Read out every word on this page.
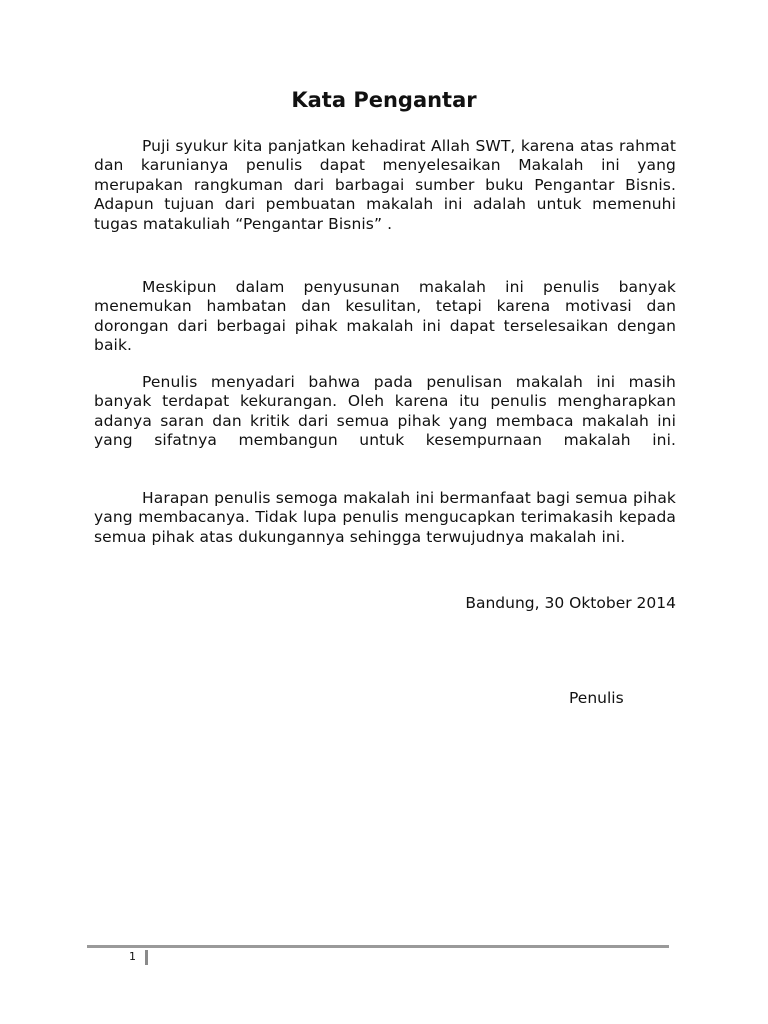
Kata Pengantar

Puji syukur kita panjatkan kehadirat Allah SWT, karena atas rahmat dan karunianya penulis dapat menyelesaikan Makalah ini yang merupakan rangkuman dari barbagai sumber buku Pengantar Bisnis. Adapun tujuan dari pembuatan makalah ini adalah untuk memenuhi tugas matakuliah “Pengantar Bisnis” .

Meskipun dalam penyusunan makalah ini penulis banyak menemukan hambatan dan kesulitan, tetapi karena motivasi dan dorongan dari berbagai pihak makalah ini dapat terselesaikan dengan baik.

Penulis menyadari bahwa pada penulisan makalah ini masih banyak terdapat kekurangan. Oleh karena itu penulis mengharapkan adanya saran dan kritik dari semua pihak yang membaca makalah ini yang sifatnya membangun untuk kesempurnaan makalah ini.

Harapan penulis semoga makalah ini bermanfaat bagi semua pihak yang membacanya. Tidak lupa penulis mengucapkan terimakasih kepada semua pihak atas dukungannya sehingga terwujudnya makalah ini.

Bandung, 30 Oktober 2014

Penulis

1
